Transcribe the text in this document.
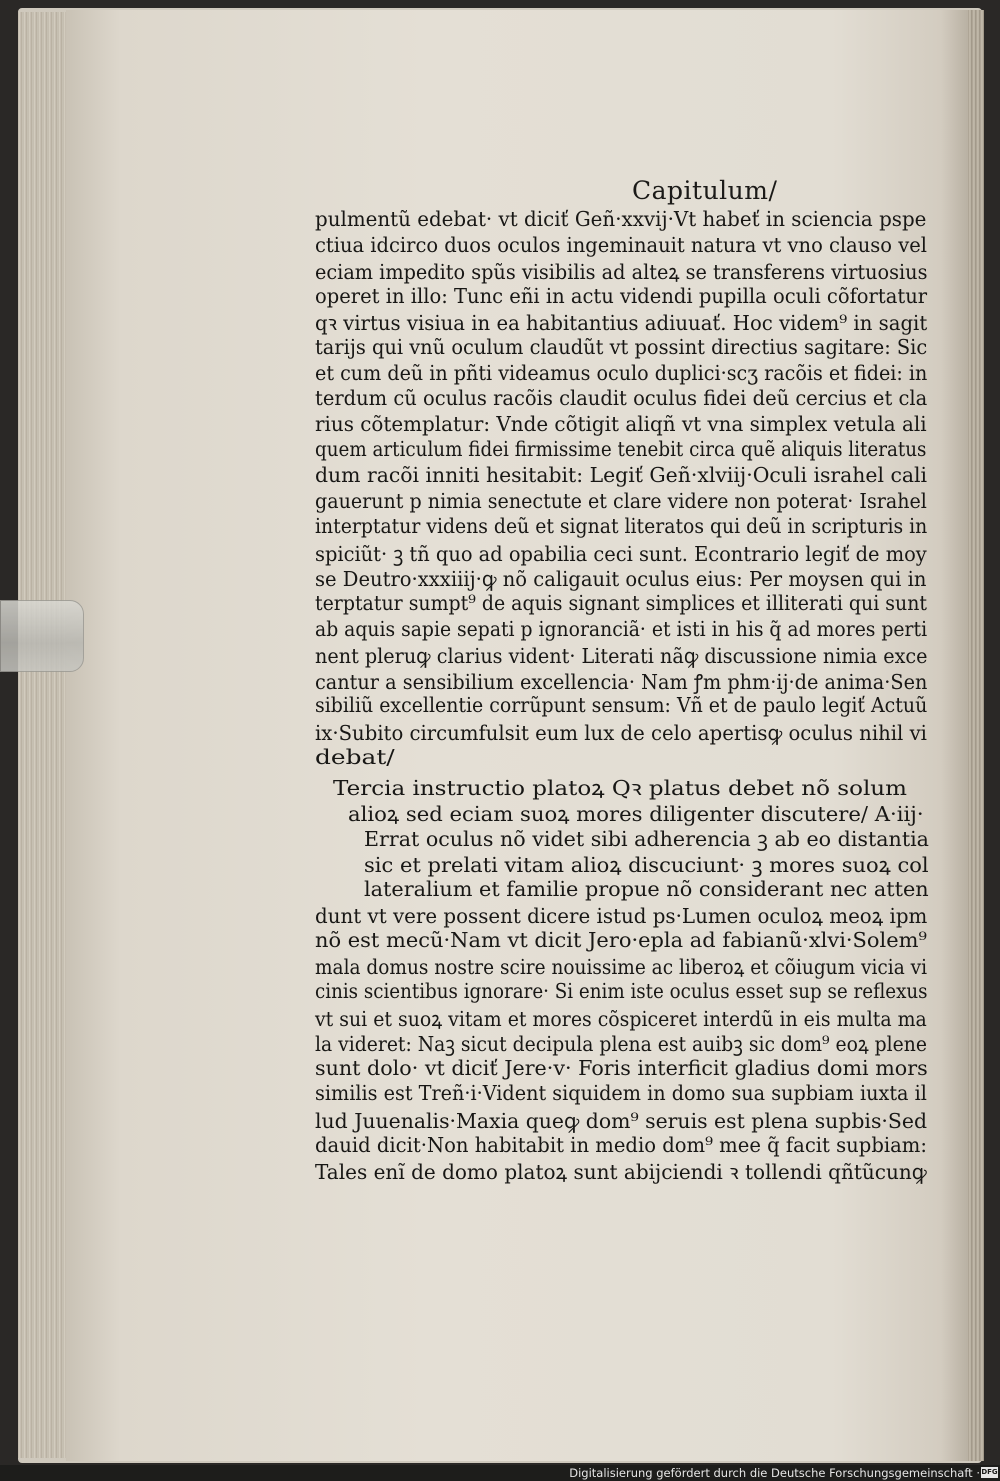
Capitulum/
pulmentũ edebat· vt diciť Geñ·xxvij·Vt habeť in sciencia pspe
ctiua idcirco duos oculos ingeminauit natura vt vno clauso vel
eciam impedito spũs visibilis ad alteꝝ se transferens virtuosius
operet in illo: Tunc eñi in actu videndi pupilla oculi cõfortatur
qꝛ virtus visiua in ea habitantius adiuuať. Hoc videm⁹ in sagit
tarijs qui vnũ oculum claudũt vt possint directius sagitare: Sic
et cum deũ in pñti videamus oculo duplici·scʒ racõis et fidei: in
terdum cũ oculus racõis claudit oculus fidei deũ cercius et cla
rius cõtemplatur: Vnde cõtigit aliqñ vt vna simplex vetula ali
quem articulum fidei firmissime tenebit circa quẽ aliquis literatus
dum racõi inniti hesitabit: Legiť Geñ·xlviij·Oculi israhel cali
gauerunt p nimia senectute et clare videre non poterat· Israhel
interptatur videns deũ et signat literatos qui deũ in scripturis in
spiciũt· ꝫ tñ quo ad opabilia ceci sunt. Econtrario legiť de moy
se Deutro·xxxiiij·ꝙ nõ caligauit oculus eius: Per moysen qui in
terptatur sumpt⁹ de aquis signant simplices et illiterati qui sunt
ab aquis sapie sepati p ignoranciã· et isti in his q̃ ad mores perti
nent pleruꝙ clarius vident· Literati nãꝙ discussione nimia exce
cantur a sensibilium excellencia· Nam ꝭm phm·ij·de anima·Sen
sibiliũ excellentie corrũpunt sensum: Vñ et de paulo legiť Actuũ
ix·Subito circumfulsit eum lux de celo apertisꝙ oculus nihil vi
debat/
Tercia instructio platoꝝ Qꝛ platus debet nõ solum
alioꝝ sed eciam suoꝝ mores diligenter discutere/ A·iij·
Errat oculus nõ videt sibi adherencia ꝫ ab eo distantia
sic et prelati vitam alioꝝ discuciunt· ꝫ mores suoꝝ col
lateralium et familie propue nõ considerant nec atten
dunt vt vere possent dicere istud ps·Lumen oculoꝝ meoꝝ ipm
nõ est mecũ·Nam vt dicit Jero·epla ad fabianũ·xlvi·Solem⁹
mala domus nostre scire nouissime ac liberoꝝ et cõiugum vicia vi
cinis scientibus ignorare· Si enim iste oculus esset sup se reflexus
vt sui et suoꝝ vitam et mores cõspiceret interdũ in eis multa ma
la videret: Naꝫ sicut decipula plena est auibꝫ sic dom⁹ eoꝝ plene
sunt dolo· vt diciť Jere·v· Foris interficit gladius domi mors
similis est Treñ·i·Vident siquidem in domo sua supbiam iuxta il
lud Juuenalis·Maxia queꝙ dom⁹ seruis est plena supbis·Sed
dauid dicit·Non habitabit in medio dom⁹ mee q̃ facit supbiam:
Tales enĩ de domo platoꝝ sunt abijciendi ꝛ tollendi qñtũcunꝙ
Digitalisierung gefördert durch die Deutsche Forschungsgemeinschaft · DFG
